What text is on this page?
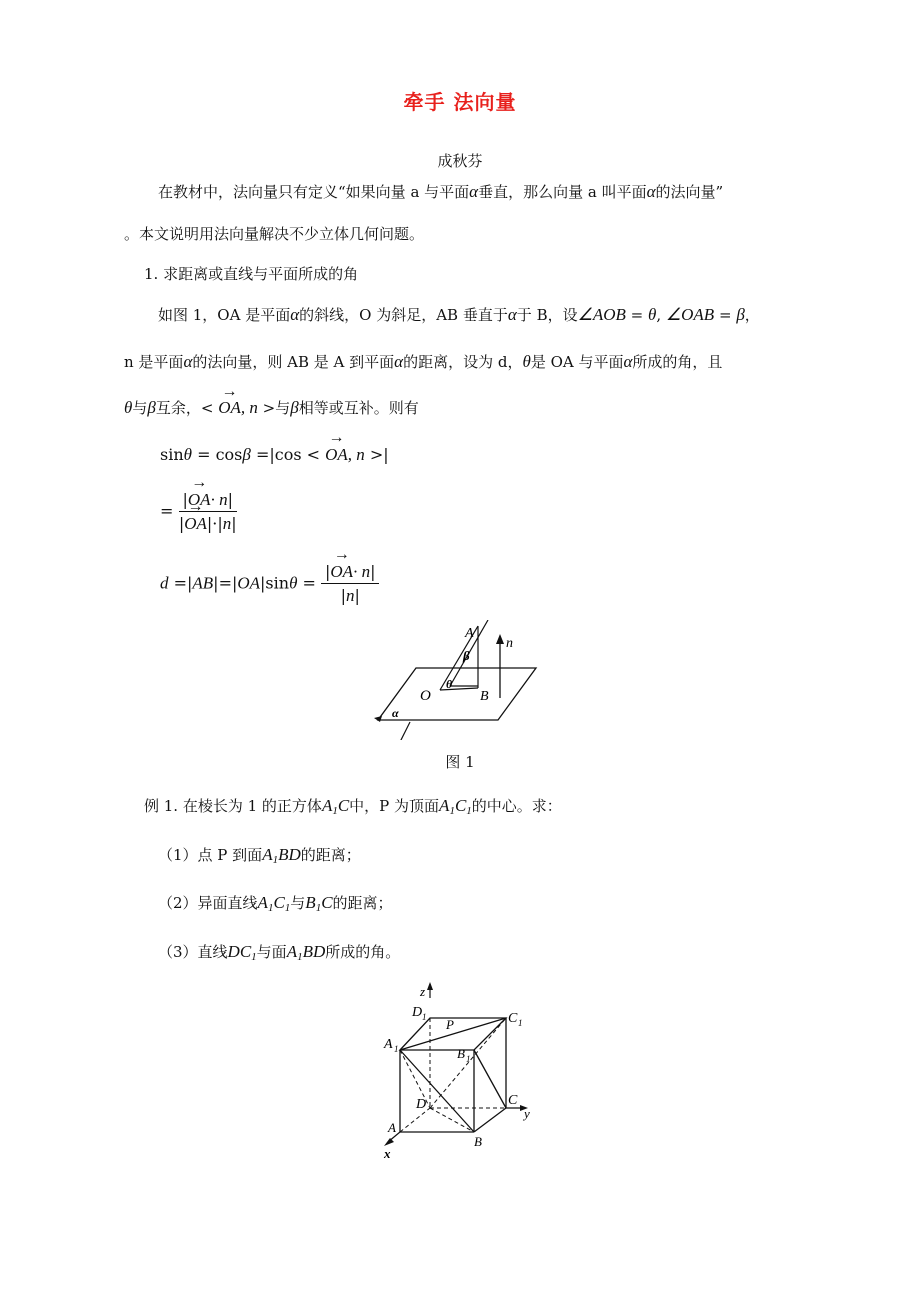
牵手 法向量
成秋芬
在教材中，法向量只有定义“如果向量 a 与平面α垂直，那么向量 a 叫平面α的法向量”
。本文说明用法向量解决不少立体几何问题。
1. 求距离或直线与平面所成的角
如图 1，OA 是平面α的斜线，O 为斜足，AB 垂直于α于 B，设∠AOB = θ, ∠OAB = β，
n 是平面α的法向量，则 AB 是 A 到平面α的距离，设为 d，θ是 OA 与平面α所成的角，且
θ与β互余，< → OA, n >与β相等或互补。则有
sinθ = cosβ =|cos < → OA, n >|
= $\frac{|\to OA\cdot n|}{|\to OA|\cdot|n|}$
$d =|AB|=|OA|\sin\theta = \frac{|\to OA\cdot n|}{|n|}$
A
β
n
O
θ
B
α
图 1
例 1. 在棱长为 1 的正方体$A_1C$中，P 为顶面$A_1C_1$的中心。求：
（1）点 P 到面$A_1BD$的距离；
（2）异面直线$A_1C_1$与$B_1C$的距离；
（3）直线$DC_1$与面$A_1BD$所成的角。
z
D 1 P	C 1
A 1	B 1
D	C
y
A
B
x
